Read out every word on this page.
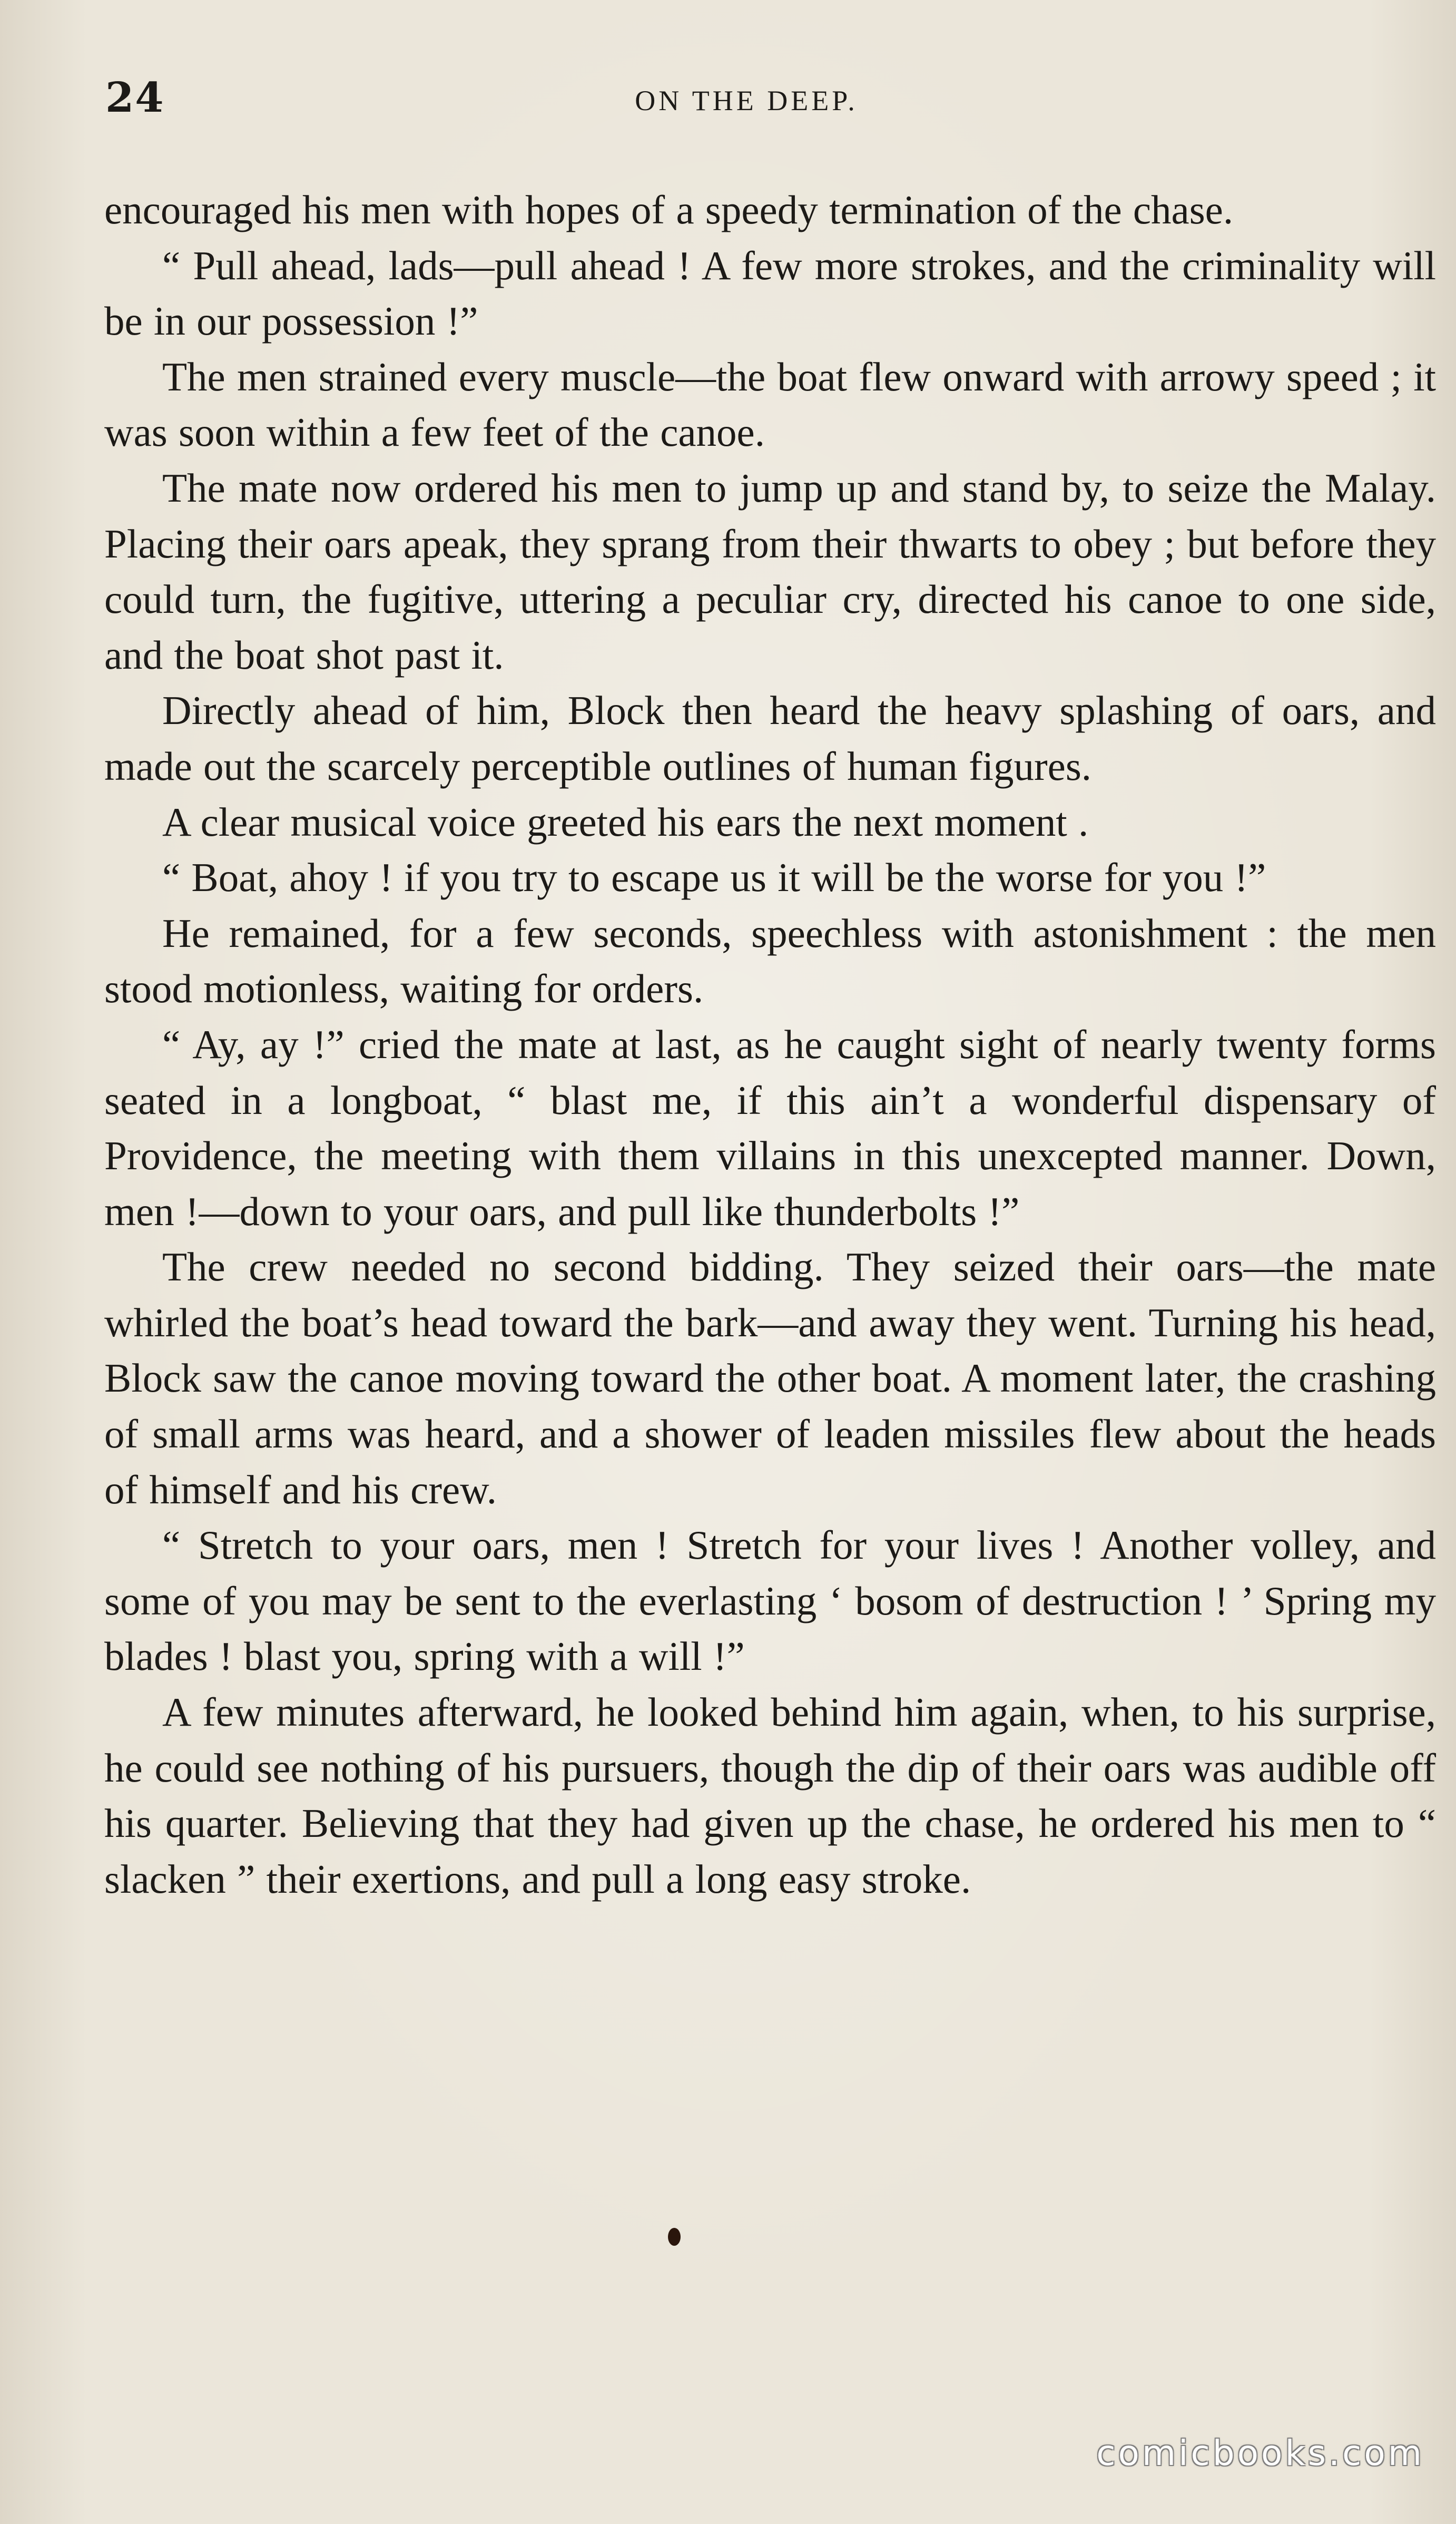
24	ON THE DEEP.

encouraged his men with hopes of a speedy termination of the chase.

“ Pull ahead, lads—pull ahead ! A few more strokes, and the criminality will be in our possession !”

The men strained every muscle—the boat flew onward with arrowy speed ; it was soon within a few feet of the canoe.

The mate now ordered his men to jump up and stand by, to seize the Malay. Placing their oars apeak, they sprang from their thwarts to obey ; but before they could turn, the fugitive, uttering a peculiar cry, directed his canoe to one side, and the boat shot past it.

Directly ahead of him, Block then heard the heavy splashing of oars, and made out the scarcely perceptible outlines of human figures.

A clear musical voice greeted his ears the next moment .

“ Boat, ahoy ! if you try to escape us it will be the worse for you !”

He remained, for a few seconds, speechless with astonishment : the men stood motionless, waiting for orders.

“ Ay, ay !” cried the mate at last, as he caught sight of nearly twenty forms seated in a longboat, “ blast me, if this ain’t a wonderful dispensary of Providence, the meeting with them villains in this unexcepted manner. Down, men !—down to your oars, and pull like thunderbolts !”

The crew needed no second bidding. They seized their oars—the mate whirled the boat’s head toward the bark—and away they went. Turning his head, Block saw the canoe moving toward the other boat. A moment later, the crashing of small arms was heard, and a shower of leaden missiles flew about the heads of himself and his crew.

“ Stretch to your oars, men ! Stretch for your lives ! Another volley, and some of you may be sent to the everlasting ‘ bosom of destruction ! ’ Spring my blades ! blast you, spring with a will !”

A few minutes afterward, he looked behind him again, when, to his surprise, he could see nothing of his pursuers, though the dip of their oars was audible off his quarter. Believing that they had given up the chase, he ordered his men to “ slacken ” their exertions, and pull a long easy stroke.

comicbooks.com
